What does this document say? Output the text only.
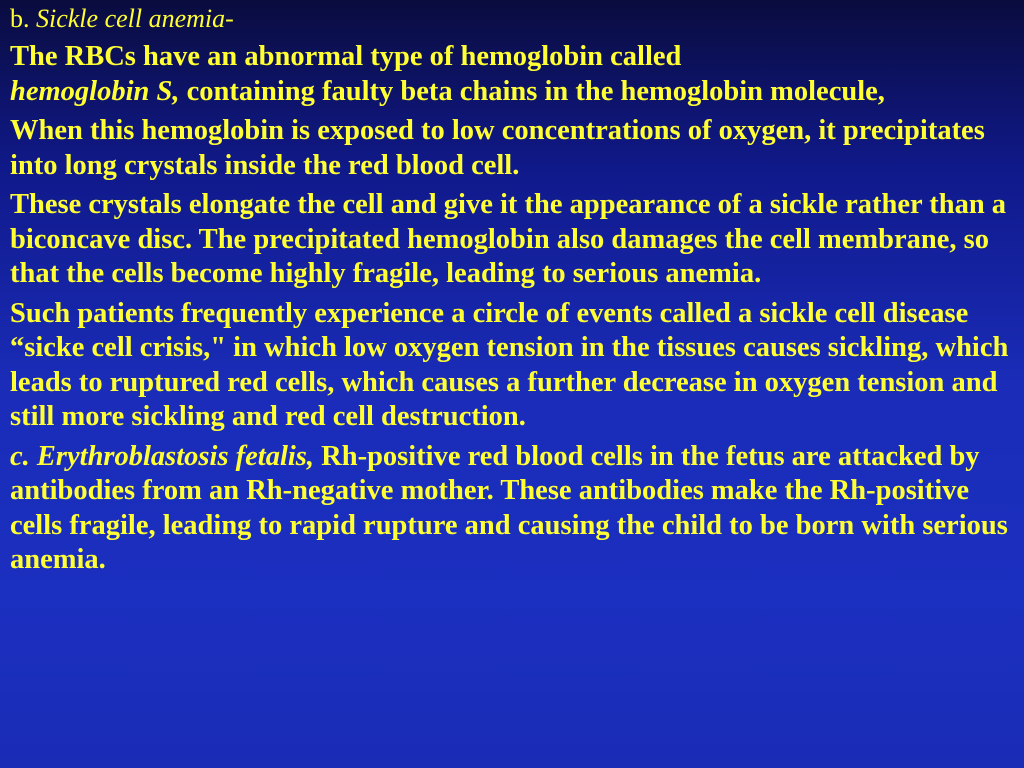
b. Sickle cell anemia-

The RBCs have an abnormal type of hemoglobin called
hemoglobin S, containing faulty beta chains in the hemoglobin molecule,

When this hemoglobin is exposed to low concentrations of oxygen, it precipitates into long crystals inside the red blood cell.

These crystals elongate the cell and give it the appearance of a sickle rather than a biconcave disc. The precipitated hemoglobin also damages the cell membrane, so that the cells become highly fragile, leading to serious anemia.

Such patients frequently experience a circle of events called a sickle cell disease “sicke cell crisis," in which low oxygen tension in the tissues causes sickling, which leads to ruptured red cells, which causes a further decrease in oxygen tension and still more sickling and red cell destruction.

c. Erythroblastosis fetalis, Rh-positive red blood cells in the fetus are attacked by antibodies from an Rh-negative mother. These antibodies make the Rh-positive cells fragile, leading to rapid rupture and causing the child to be born with serious anemia.
